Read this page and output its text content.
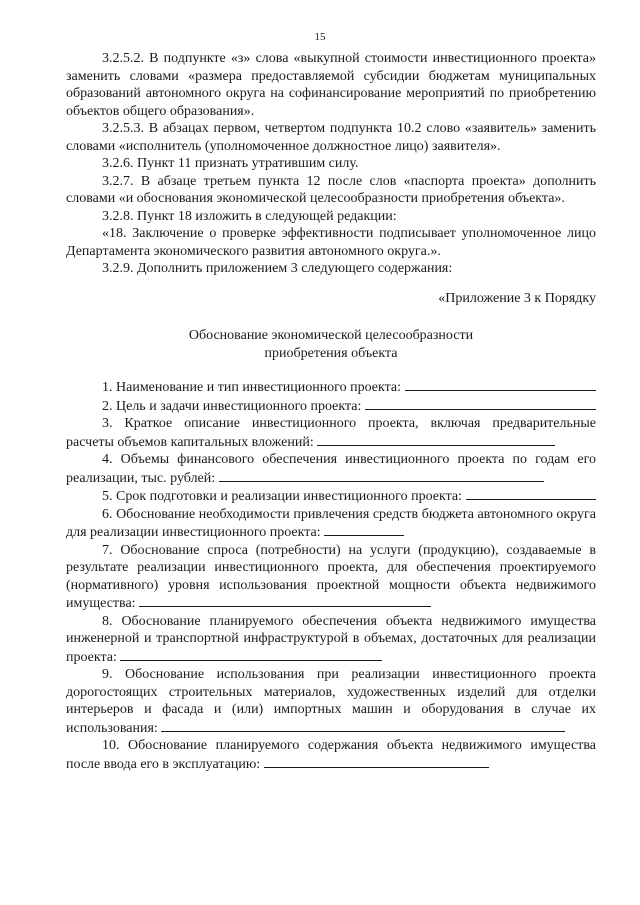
15

3.2.5.2. В подпункте «з» слова «выкупной стоимости инвестиционного проекта» заменить словами «размера предоставляемой субсидии бюджетам муниципальных образований автономного округа на софинансирование мероприятий по приобретению объектов общего образования».

3.2.5.3. В абзацах первом, четвертом подпункта 10.2 слово «заявитель» заменить словами «исполнитель (уполномоченное должностное лицо) заявителя».

3.2.6. Пункт 11 признать утратившим силу.

3.2.7. В абзаце третьем пункта 12 после слов «паспорта проекта» дополнить словами «и обоснования экономической целесообразности приобретения объекта».

3.2.8. Пункт 18 изложить в следующей редакции:

«18. Заключение о проверке эффективности подписывает уполномоченное лицо Департамента экономического развития автономного округа.».

3.2.9. Дополнить приложением 3 следующего содержания:

«Приложение 3 к Порядку

Обоснование экономической целесообразности

приобретения объекта

1. Наименование и тип инвестиционного проекта:

2. Цель и задачи инвестиционного проекта:

3. Краткое описание инвестиционного проекта, включая предварительные расчеты объемов капитальных вложений:

4. Объемы финансового обеспечения инвестиционного проекта по годам его реализации, тыс. рублей:

5. Срок подготовки и реализации инвестиционного проекта:

6. Обоснование необходимости привлечения средств бюджета автономного округа для реализации инвестиционного проекта:

7. Обоснование спроса (потребности) на услуги (продукцию), создаваемые в результате реализации инвестиционного проекта, для обеспечения проектируемого (нормативного) уровня использования проектной мощности объекта недвижимого имущества:

8. Обоснование планируемого обеспечения объекта недвижимого имущества инженерной и транспортной инфраструктурой в объемах, достаточных для реализации проекта:

9. Обоснование использования при реализации инвестиционного проекта дорогостоящих строительных материалов, художественных изделий для отделки интерьеров и фасада и (или) импортных машин и оборудования в случае их использования:

10. Обоснование планируемого содержания объекта недвижимого имущества после ввода его в эксплуатацию:
